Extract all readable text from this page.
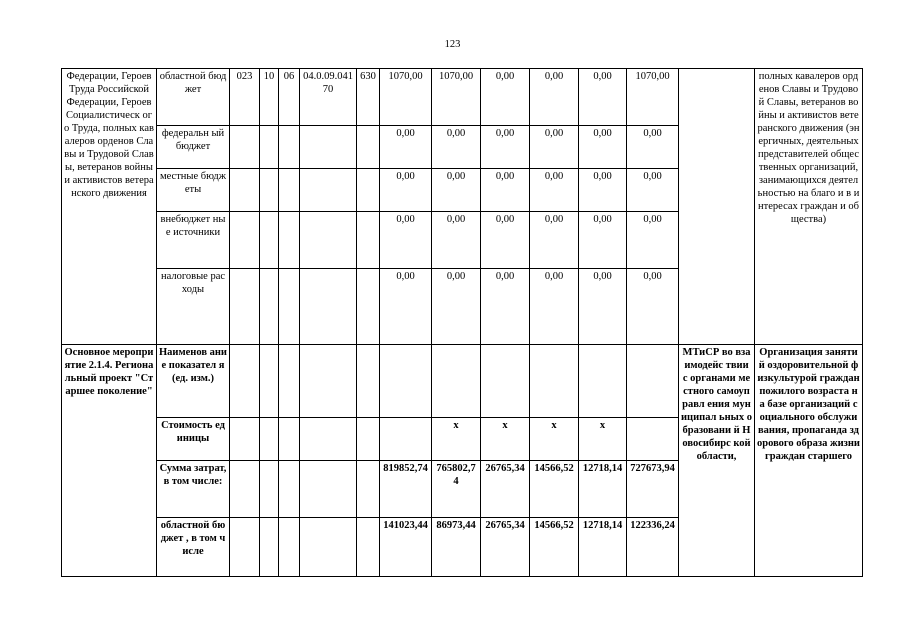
123
Федерации, Героев Труда Российской Федерации, Героев Социалистическ ого Труда, полных кавалеров орденов Славы и Трудовой Славы, ветеранов войны и активистов ветеранского движения	областной бюджет	023	10	06	04.0.09.04170	630	1070,00	1070,00	0,00	0,00	0,00	1070,00		полных кавалеров орденов Славы и Трудовой Славы, ветеранов войны и активистов ветеранского движения (энергичных, деятельных представителей общественных организаций, занимающихся деятельностью на благо и в интересах граждан и общества)
	федеральн ый бюджет						0,00	0,00	0,00	0,00	0,00	0,00		
	местные бюджеты						0,00	0,00	0,00	0,00	0,00	0,00		
	внебюджет ные источники						0,00	0,00	0,00	0,00	0,00	0,00		
	налоговые расходы						0,00	0,00	0,00	0,00	0,00	0,00		
Основное мероприятие 2.1.4. Региональный проект "Старшее поколение"	Наименов ание показател я (ед. изм.)												МТиСР во взаимодейс твии с органами местного самоуправл ения муниципал ьных образовани й Новосибирс кой области,	Организация занятий оздоровительной физкультурой граждан пожилого возраста на базе организаций социального обслуживания, пропаганда здорового образа жизни граждан старшего
	Стоимость единицы							х	х	х	х			
	Сумма затрат, в том числе:						819852,74	765802,74	26765,34	14566,52	12718,14	727673,94		
	областной бюджет , в том числе						141023,44	86973,44	26765,34	14566,52	12718,14	122336,24		
